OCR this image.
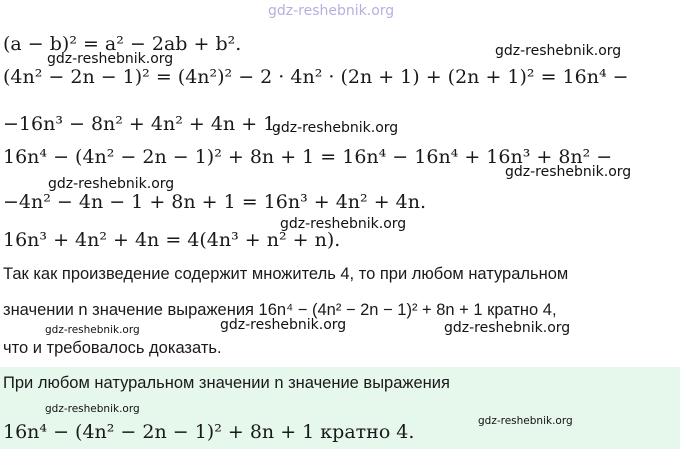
gdz-reshebnik.org
(a − b)² = a² − 2ab + b².
gdz-reshebnik.org	gdz-reshebnik.org
(4n² − 2n − 1)² = (4n²)² − 2 · 4n² · (2n + 1) + (2n + 1)² = 16n⁴ −
−16n³ − 8n² + 4n² + 4n + 1.
gdz-reshebnik.org
16n⁴ − (4n² − 2n − 1)² + 8n + 1 = 16n⁴ − 16n⁴ + 16n³ + 8n² −
gdz-reshebnik.org
gdz-reshebnik.org
−4n² − 4n − 1 + 8n + 1 = 16n³ + 4n² + 4n.
gdz-reshebnik.org
16n³ + 4n² + 4n = 4(4n³ + n² + n).
Так как произведение содержит множитель 4, то при любом натуральном
значении n значение выражения 16n⁴ − (4n² − 2n − 1)² + 8n + 1 кратно 4,
gdz-reshebnik.org	gdz-reshebnik.org	gdz-reshebnik.org
что и требовалось доказать.
При любом натуральном значении n значение выражения
gdz-reshebnik.org
16n⁴ − (4n² − 2n − 1)² + 8n + 1 кратно 4.	gdz-reshebnik.org
